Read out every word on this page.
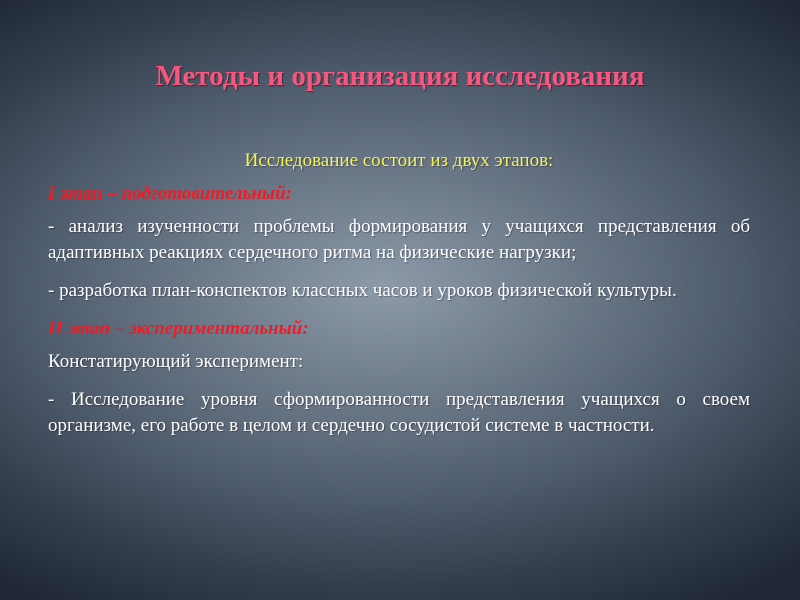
Методы и организация исследования

Исследование состоит из двух этапов:

I этап – подготовительный:

- анализ изученности проблемы формирования у учащихся представления об адаптивных реакциях сердечного ритма на физические нагрузки;

- разработка план-конспектов классных часов и уроков физической культуры.

II этап – экспериментальный:

Констатирующий эксперимент:

- Исследование уровня сформированности представления учащихся о своем организме, его работе в целом и сердечно сосудистой системе в частности.
